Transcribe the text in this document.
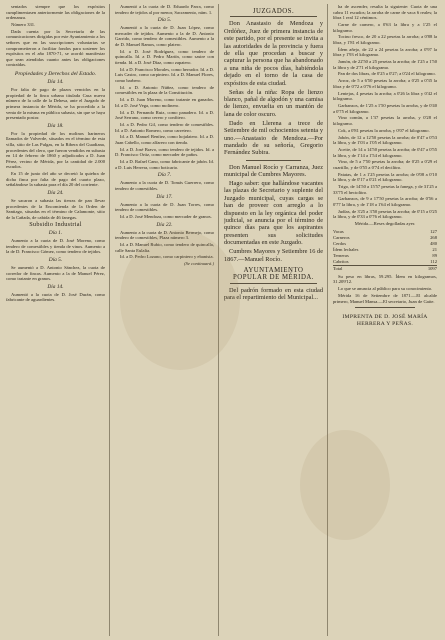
sentados siempre que los expósitos cumplimentasen anteriormente las obligaciones de la ordenanza.

Número 331.

Dada cuenta por la Secretaría de las comunicaciones dirigidas por este Ayuntamiento a los señores que en las suscripciones voluntarias se comprometieron a facilitar fondos para sostener los expósitos en el año 1870-71, se acordó manifestar que sean atendidas cuanto antes las obligaciones contraídas.

Propiedades y Derechos del Estado.
Día 14.

Por falta de pago de plazos vencidos en la propiedad de la finca urbana titulada Casa nueva número de la calle de la Dehesa, ante el Juzgado de primera instancia de Mérida, se ha procedido a la venta de la misma en pública subasta, sin que se haya presentado postor.

Día 18.

Por la propiedad de los molinos harineros llamados de Valverde, situados en el término de esta villa, sitio de Las Pulgas, en la Ribera del Guadiana, procedentes del clero, que fueron vendidos en subasta en 14 de febrero de 1860 y adjudicados a D. Juan Pérez, vecino de Mérida, por la cantidad de 2.000 escudos.

En 15 de junio del año se decretó la quiebra de dicha finca por falta de pago del cuarto plazo, señalándose la subasta para el día 20 del corriente.

Día 24.

Se sacaron a subasta las tierras de pan llevar procedentes de la Encomienda de la Orden de Santiago, situadas en el término de Calamonte, sitio de la Cañada, de cabida de 46 fanegas.

Subsidio Industrial
Día 1.

Aumento a la cuota de D. José Moreno, como tendero de comestibles y tienda de vinos. Aumento a la de D. Francisco Gómez, como tendero de tejidos.

Día 5.

Se aumentó a D. Antonio Sánchez, la cuota de corredor de fincas. Aumento a la de Manuel Pérez, como tratante en granos.

Día 14.

Aumentó a la cuota de D. José Durán, como fabricante de aguardientes.

Aumentó a la cuota de D. Eduardo Parra, como tendero de tejidos al por menor, Sacramento, núm. 1.

Día 5.

Aumentó a la cuota de D. Juan López, como mercader de tejidos. Aumento a la de D. Antonio Garrido, como tendero de comestibles. Aumento a la de D. Manuel Ramos, como platero.

Id. a D. José Rodríguez, como tendero de quincalla. Id. a D. Pedro Martín, como sastre con tienda. Id. a D. José Díaz, como zapatero.

Id. a D. Francisco Morales, como herrador. Id. a D. Luis Castro, como carpintero. Id. a D. Manuel Flores, como barbero.

Id. a D. Antonio Núñez, como tendero de comestibles en la plaza de la Constitución.

Id. a D. Juan Moreno, como tratante en ganados. Id. a D. José Vega, como molinero.

Id. a D. Fernando Ruiz, como panadero. Id. a D. José Serrano, como cerero y confitero.

Id. a D. Pedro Gil, como tendero de comestibles. Id. a D. Antonio Romero, como carretero.

Id. a D. Manuel Benítez, como hojalatero. Id. a D. Juan Cabello, como alfarero con tienda.

Id. a D. José Bravo, como tendero de tejidos. Id. a D. Francisco Ortiz, como mercader de paños.

Id. a D. Rafael Cano, como fabricante de jabón. Id. a D. Luis Herrera, como boticario.

Día 7.

Aumento a la cuota de D. Tomás Guerrero, como tendero de comestibles.

Día 17.

Aumento a la cuota de D. Juan Torres, como tendero de comestibles.

Id. a D. José Mendoza, como mercader de granos.

Día 22.

Aumento a la cuota de D. Antonio Bermejo, como tendero de comestibles, Plaza número 3.

Id. a D. Manuel Rubio, como tendero de quincalla, calle Santa Eulalia.

Id. a D. Pedro Lozano, como carpintero y ebanista.

(Se continuará.)
JUZGADOS.

Don Anastasio de Mendoza y Ordóñez, Juez de primera instancia de este partido, por el presente se invita a las autoridades de la provincia y fuera de ella que procedan a buscar y capturar la persona que ha abandonado a una niña de pocos días, habiéndola dejado en el torno de la casa de expósitos de esta ciudad.

Señas de la niña: Ropa de lienzo blanco, pañal de algodón y una camisa de lienzo, envuelta en un mantón de lana de color oscuro.

Dado en Llerena a trece de Setiembre de mil ochocientos setenta y uno.—Anastasio de Mendoza.—Por mandado de su señoría, Gregorio Fernández Subira.

Don Manuel Rocío y Carranza, Juez municipal de Cumbres Mayores.

Hago saber: que hallándose vacantes las plazas de Secretario y suplente del Juzgado municipal, cuyas cargas se han de proveer con arreglo a lo dispuesto en la ley orgánica del poder judicial, se anuncia por el término de quince días para que los aspirantes presenten sus solicitudes documentadas en este Juzgado.

Cumbres Mayores y Setiembre 16 de 1867.—Manuel Rocío.

AYUNTAMIENTO POPULAR DE MÉRIDA.

Del padrón formado en esta ciudad para el repartimiento del Municipal...

ha de ascender, resulta la siguiente: Cuota de una cabra 11 escudos; la arroba de carne de vaca 6 reales; la libra 1 real 12 céntimos.

Carne de carnero, a 0'63 la libra y a 1'25 el kilogramo.

Tocino fresco, de 20 a 22 pesetas la arroba; a 0'88 la libra, y 1'81 el kilogramo.

Ídem añejo, de 22 a 24 pesetas la arroba; a 0'97 la libra y 1'93 el kilogramo.

Jamón, de 22'50 a 25 pesetas la arroba; de 1'25 a 1'50 la libra y de 2'71 el kilogramo.

Pan de dos libras, de 0'25 a 0'27; a 0'24 el kilogramo.

Arroz, de 5 a 6'50 pesetas la arroba; a 0'25 a 0'35 la libra y de 0'72 a 0'76 el kilogramo.

Lentejas, 4 pesetas la arroba; a 0'26 la libra y 0'42 el kilogramo.

Garbanzos, de 1'25 a 1'50 pesetas la arroba, y de 0'40 a 0'75 el kilogramo.

Vino común, a 1'37 pesetas la arroba, y 0'28 el kilogramo.

Cok, a 0'81 pesetas la arroba, y 0'07 el kilogramo.

Jabón, de 12 a 12'50 pesetas la arroba; de 0'47 a 0'53 la libra, y de 1'03 a 1'05 el kilogramo.

Aceite, de 14 a 14'50 pesetas la arroba; de 0'47 a 0'55 la libra, y de 1'14 a 1'54 el kilogramo.

Vino, de 5 a 7'50 pesetas la arroba; de 0'25 a 0'29 el cuartillo, y de 0'55 a 0'74 el decilitro.

Patatas, de 1 a 1'25 pesetas la arroba; de 0'08 a 0'10 la libra, y de 0'17 a 0'21 el kilogramo.

Trigo, de 14'50 a 15'57 pesetas la fanega, y de 31'25 a 33'75 el hectolitro.

Garbanzos, de 9 a 17'50 pesetas la arroba; de 0'56 a 0'77 la libra, y de 1'18 a 1'64 el kilogramo.

Judías, de 3'25 a 3'50 pesetas la arroba; de 0'15 a 0'25 la libra, y de 0'33 a 0'76 el kilogramo.

Mérida.—Reses degolladas ayer.
Vacas	127
Carneros	268
Cerdos	480
Ídem lechales	21
Terneras	89
Cabritos	112
Total	1097

Su peso en libras, 59.295. Ídem en kilogramos, 31.209'12.

Lo que se anuncia al público para su conocimiento.

Mérida 16 de Setiembre de 1871.—El alcalde primero, Manuel Mansa.—El secretario, Juan de Gaite.

IMPRENTA DE D. JOSÉ MARÍA HERRERA Y PEÑAS.
